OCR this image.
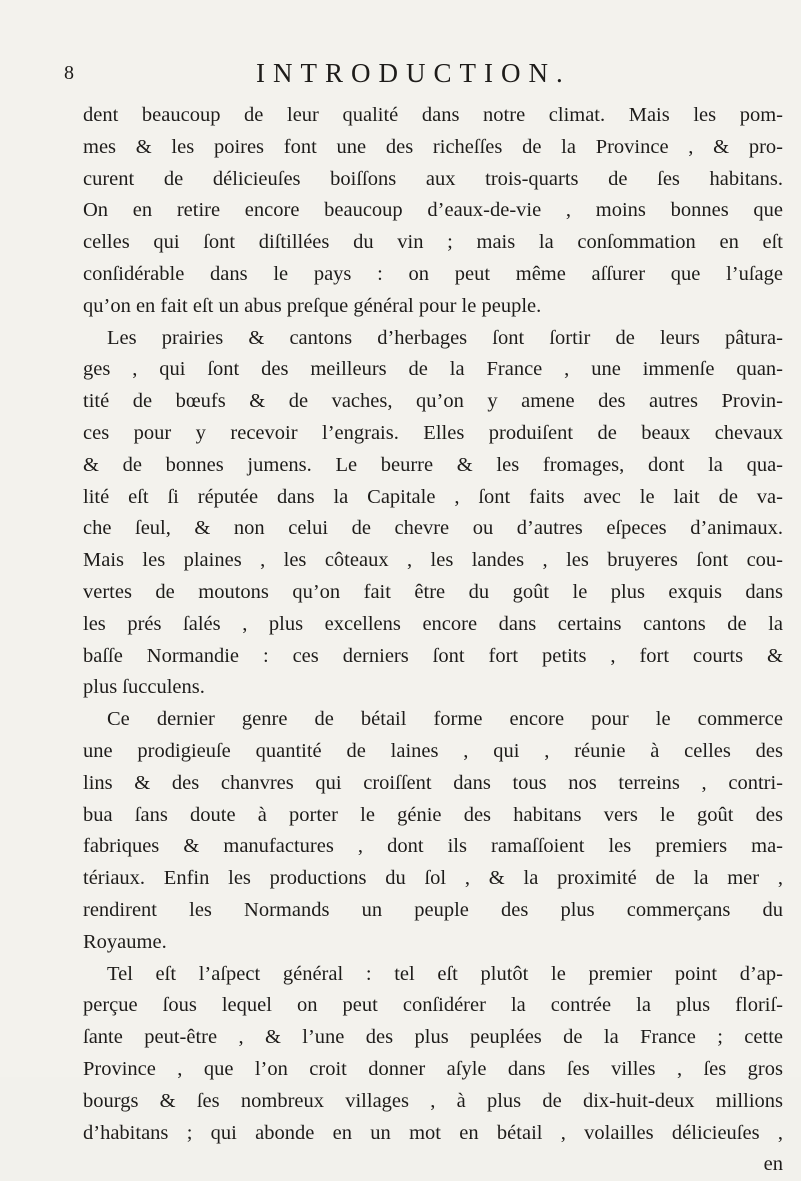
8	INTRODUCTION.
dent beaucoup de leur qualité dans notre climat. Mais les pom-
mes & les poires font une des richeſſes de la Province , & pro-
curent de délicieuſes boiſſons aux trois-quarts de ſes habitans.
On en retire encore beaucoup d’eaux-de-vie , moins bonnes que
celles qui ſont diſtillées du vin ; mais la conſommation en eſt
conſidérable dans le pays : on peut même aſſurer que l’uſage
qu’on en fait eſt un abus preſque général pour le peuple.
Les prairies & cantons d’herbages ſont ſortir de leurs pâtura-
ges , qui ſont des meilleurs de la France , une immenſe quan-
tité de bœufs & de vaches, qu’on y amene des autres Provin-
ces pour y recevoir l’engrais. Elles produiſent de beaux chevaux
& de bonnes jumens. Le beurre & les fromages, dont la qua-
lité eſt ſi réputée dans la Capitale , ſont faits avec le lait de va-
che ſeul, & non celui de chevre ou d’autres eſpeces d’animaux.
Mais les plaines , les côteaux , les landes , les bruyeres ſont cou-
vertes de moutons qu’on fait être du goût le plus exquis dans
les prés ſalés , plus excellens encore dans certains cantons de la
baſſe Normandie : ces derniers ſont fort petits , fort courts &
plus ſucculens.
Ce dernier genre de bétail forme encore pour le commerce
une prodigieuſe quantité de laines , qui , réunie à celles des
lins & des chanvres qui croiſſent dans tous nos terreins , contri-
bua ſans doute à porter le génie des habitans vers le goût des
fabriques & manufactures , dont ils ramaſſoient les premiers ma-
tériaux. Enfin les productions du ſol , & la proximité de la mer ,
rendirent les Normands un peuple des plus commerçans du
Royaume.
Tel eſt l’aſpect général : tel eſt plutôt le premier point d’ap-
perçue ſous lequel on peut conſidérer la contrée la plus floriſ-
ſante peut-être , & l’une des plus peuplées de la France ; cette
Province , que l’on croit donner aſyle dans ſes villes , ſes gros
bourgs & ſes nombreux villages , à plus de dix-huit-deux millions
d’habitans ; qui abonde en un mot en bétail , volailles délicieuſes ,
en
